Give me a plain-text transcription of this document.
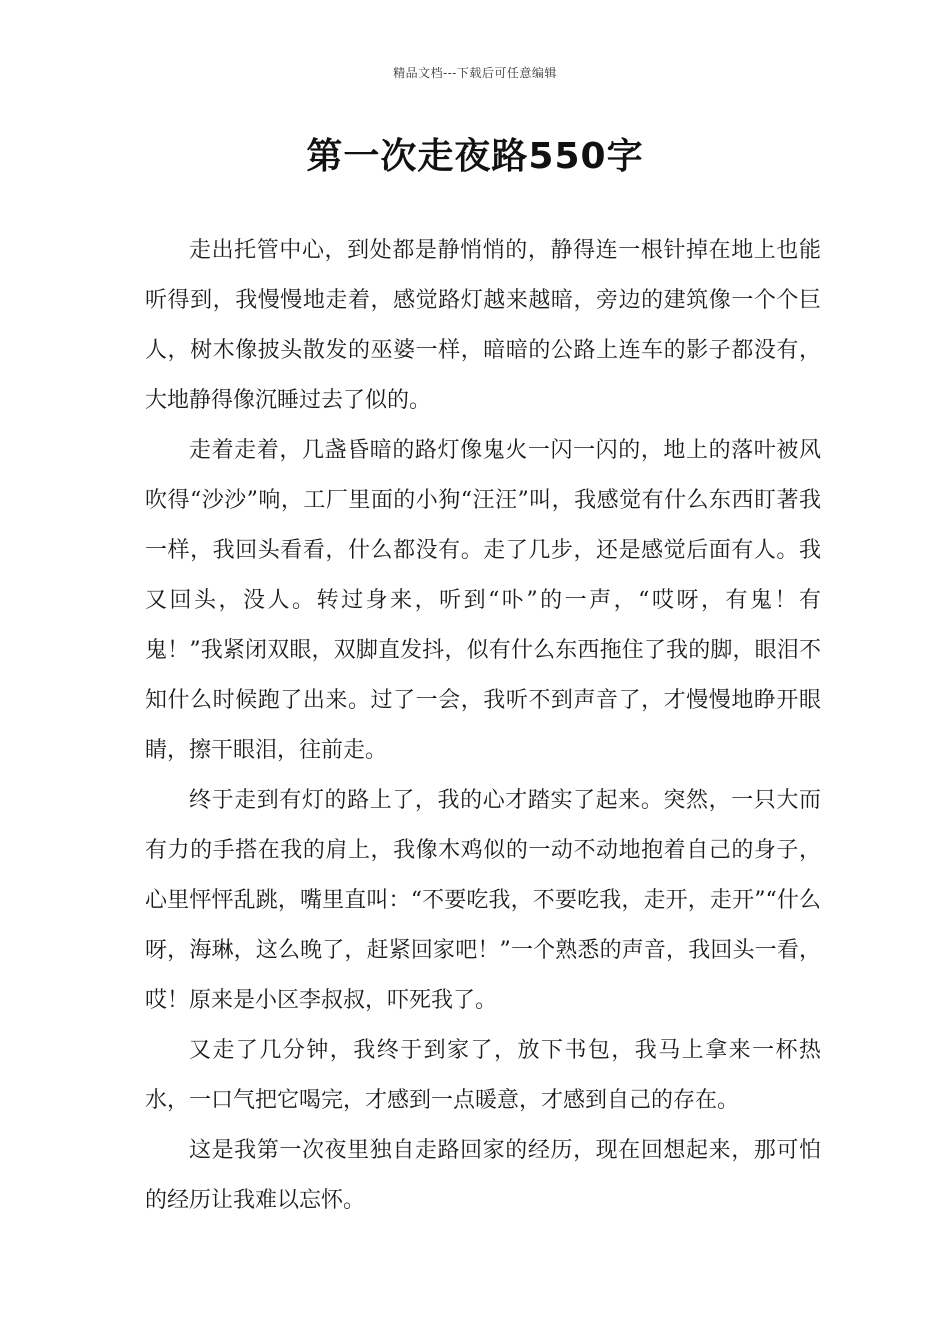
精品文档---下载后可任意编辑
第一次走夜路550字

走出托管中心，到处都是静悄悄的，静得连一根针掉在地上也能听得到，我慢慢地走着，感觉路灯越来越暗，旁边的建筑像一个个巨人，树木像披头散发的巫婆一样，暗暗的公路上连车的影子都没有，大地静得像沉睡过去了似的。

走着走着，几盏昏暗的路灯像鬼火一闪一闪的，地上的落叶被风吹得“沙沙”响，工厂里面的小狗“汪汪”叫，我感觉有什么东西盯著我一样，我回头看看，什么都没有。走了几步，还是感觉后面有人。我又回头，没人。转过身来，听到“卟”的一声，“哎呀，有鬼！有鬼！”我紧闭双眼，双脚直发抖，似有什么东西拖住了我的脚，眼泪不知什么时候跑了出来。过了一会，我听不到声音了，才慢慢地睁开眼睛，擦干眼泪，往前走。

终于走到有灯的路上了，我的心才踏实了起来。突然，一只大而有力的手搭在我的肩上，我像木鸡似的一动不动地抱着自己的身子，心里怦怦乱跳，嘴里直叫：“不要吃我，不要吃我，走开，走开”“什么呀，海琳，这么晚了，赶紧回家吧！”一个熟悉的声音，我回头一看，哎！原来是小区李叔叔，吓死我了。

又走了几分钟，我终于到家了，放下书包，我马上拿来一杯热水，一口气把它喝完，才感到一点暖意，才感到自己的存在。

这是我第一次夜里独自走路回家的经历，现在回想起来，那可怕的经历让我难以忘怀。
